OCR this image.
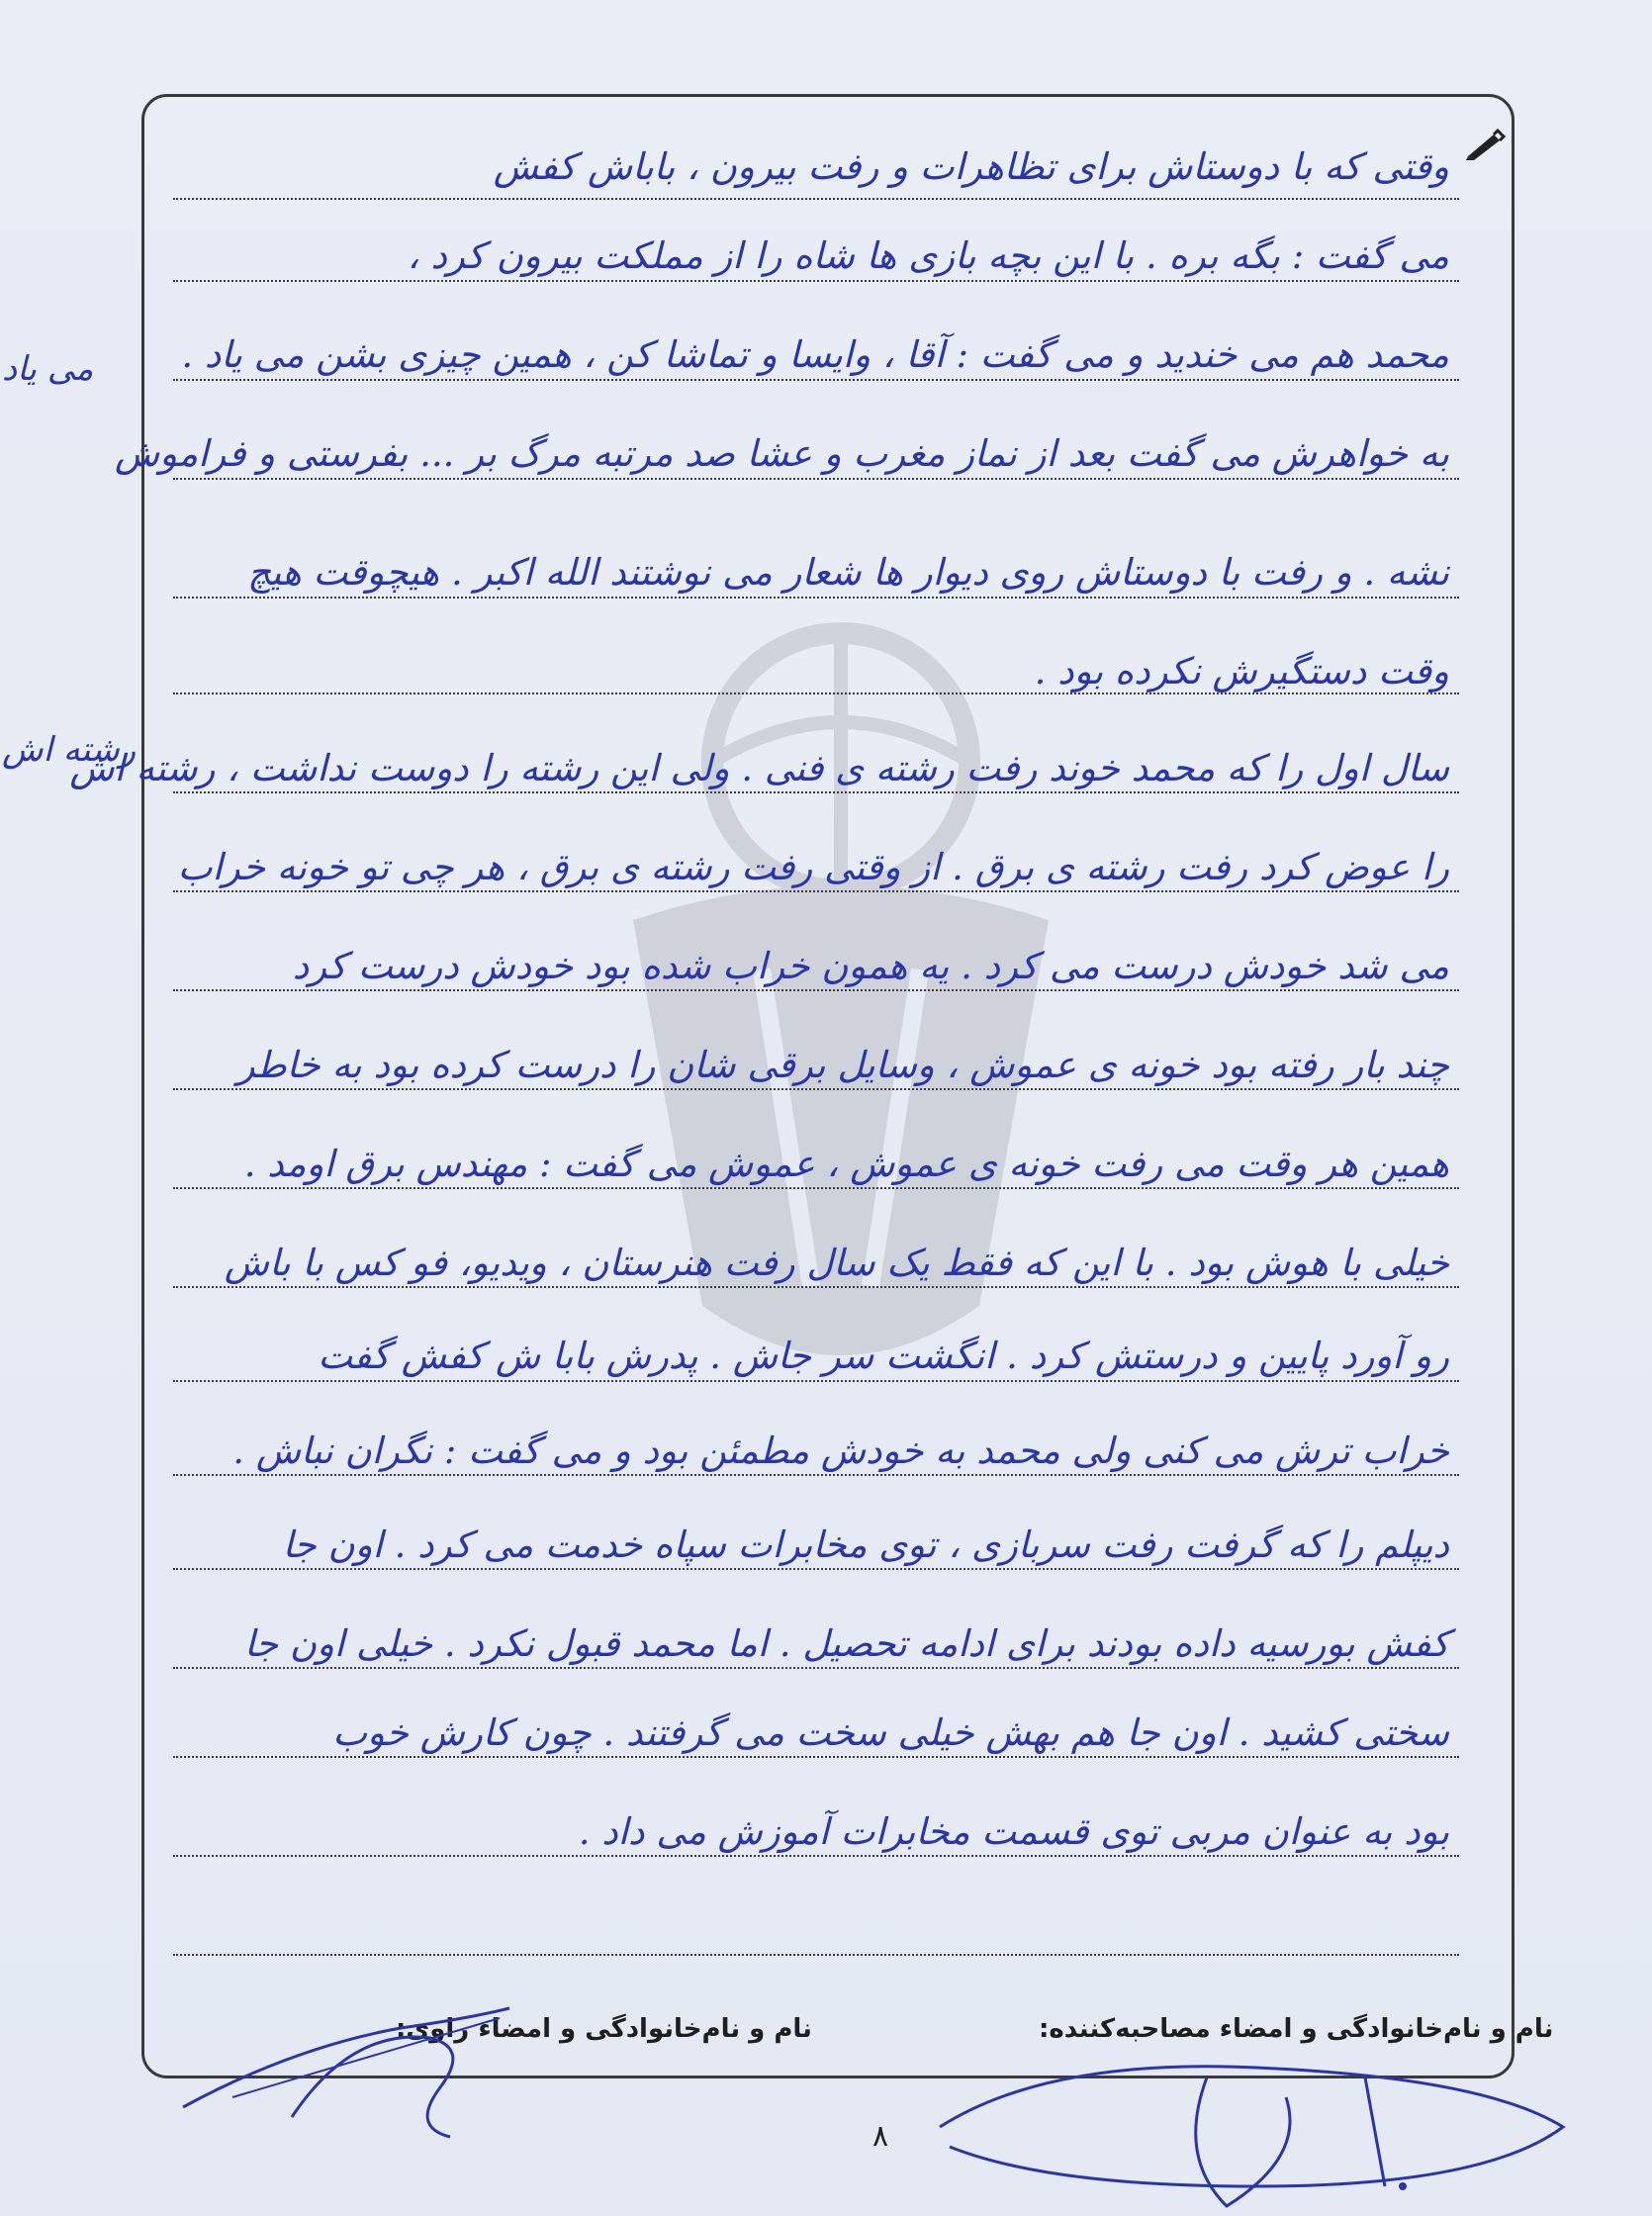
وقتی که با دوستاش برای تظاهرات و رفت بیرون ، باباش کفش
می گفت : بگه بره . با این بچه بازی ها شاه را از مملکت بیرون کرد ،
محمد هم می خندید و می گفت : آقا ، وایسا و تماشا کن ، همین چیزی بشن می یاد .
به خواهرش می گفت بعد از نماز مغرب و عشا صد مرتبه مرگ بر ... بفرستی و فراموش
نشه . و رفت با دوستاش روی دیوار ها شعار می نوشتند الله اکبر . هیچوقت هیچ
وقت دستگیرش نکرده بود .
سال اول را که محمد خوند رفت رشته ی فنی . ولی این رشته را دوست نداشت ، رشته اش
را عوض کرد رفت رشته ی برق . از وقتی رفت رشته ی برق ، هر چی تو خونه خراب
می شد خودش درست می کرد . یه همون خراب شده بود خودش درست کرد
چند بار رفته بود خونه ی عموش ، وسایل برقی شان را درست کرده بود به خاطر
همین هر وقت می رفت خونه ی عموش ، عموش می گفت : مهندس برق اومد .
خیلی با هوش بود . با این که فقط یک سال رفت هنرستان ، ویدیو، فو کس با باش
رو آورد پایین و درستش کرد . انگشت سر جاش . پدرش بابا ش کفش گفت
خراب ترش می کنی ولی محمد به خودش مطمئن بود و می گفت : نگران نباش .
دیپلم را که گرفت رفت سربازی ، توی مخابرات سپاه خدمت می کرد . اون جا
کفش بورسیه داده بودند برای ادامه تحصیل . اما محمد قبول نکرد . خیلی اون جا
سختی کشید . اون جا هم بهش خیلی سخت می گرفتند . چون کارش خوب
بود به عنوان مربی توی قسمت مخابرات آموزش می داد .
می یاد
رشته اش
نام و نام‌خانوادگی و امضاء مصاحبه‌کننده:
نام و نام‌خانوادگی و امضاء راوی:
۸
